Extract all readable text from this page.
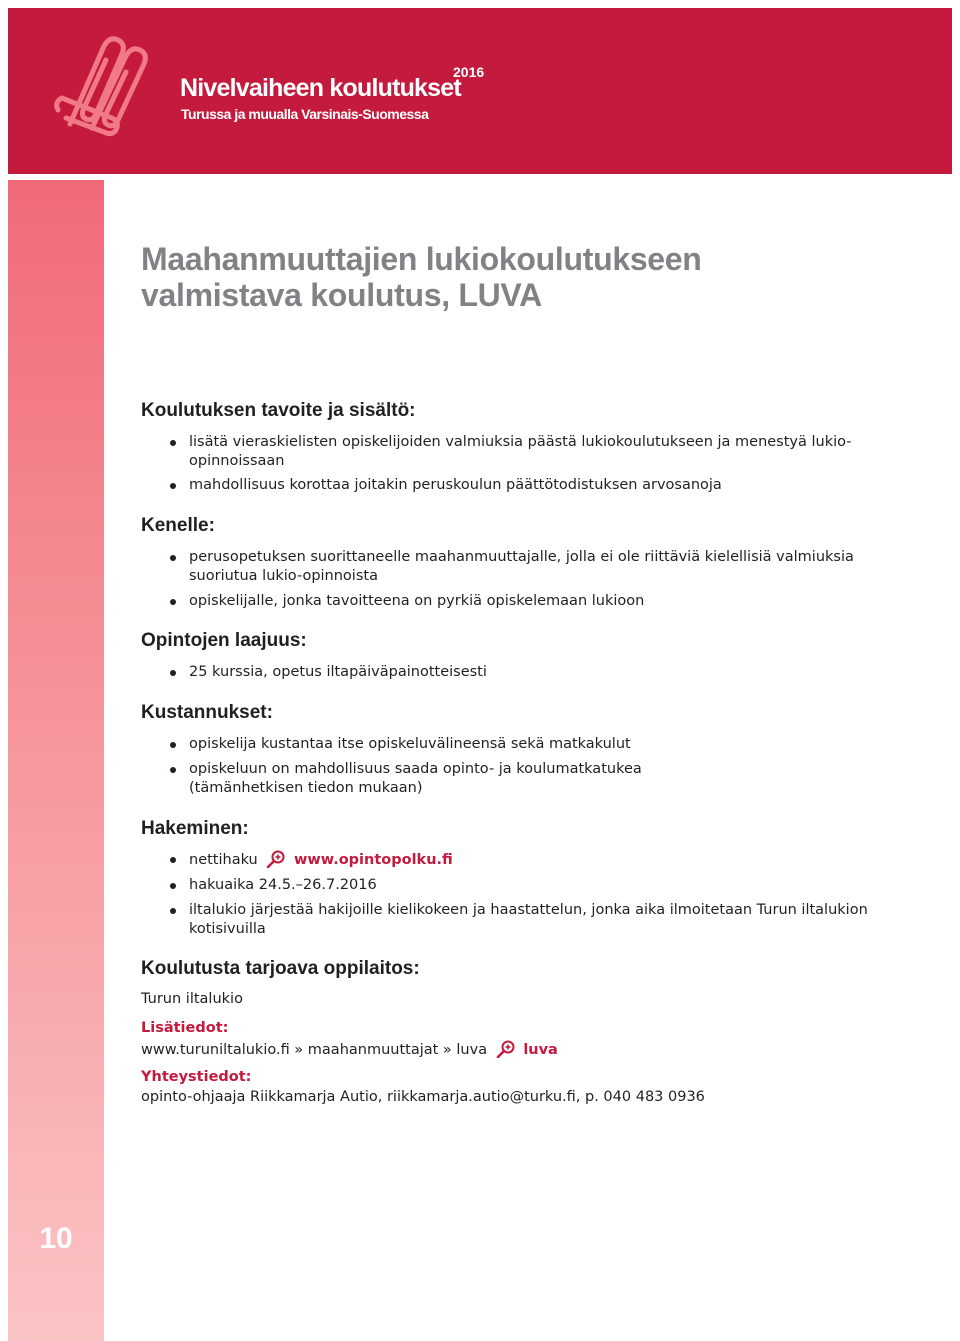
2016
Nivelvaiheen koulutukset
Turussa ja muualla Varsinais-Suomessa
10
Maahanmuuttajien lukiokoulutukseen
valmistava koulutus, LUVA
Koulutuksen tavoite ja sisältö:
lisätä vieraskielisten opiskelijoiden valmiuksia päästä lukiokoulutukseen ja menestyä lukio-opinnoissaan
mahdollisuus korottaa joitakin peruskoulun päättötodistuksen arvosanoja
Kenelle:
perusopetuksen suorittaneelle maahanmuuttajalle, jolla ei ole riittäviä kielellisiä valmiuksia suoriutua lukio-opinnoista
opiskelijalle, jonka tavoitteena on pyrkiä opiskelemaan lukioon
Opintojen laajuus:
25 kurssia, opetus iltapäiväpainotteisesti
Kustannukset:
opiskelija kustantaa itse opiskeluvälineensä sekä matkakulut
opiskeluun on mahdollisuus saada opinto- ja koulumatkatukea (tämänhetkisen tiedon mukaan)
Hakeminen:
nettihaku www.opintopolku.fi
hakuaika 24.5.–26.7.2016
iltalukio järjestää hakijoille kielikokeen ja haastattelun, jonka aika ilmoitetaan Turun iltalukion kotisivuilla
Koulutusta tarjoava oppilaitos:
Turun iltalukio
Lisätiedot:
www.turuniltalukio.fi » maahanmuuttajat » luva luva
Yhteystiedot:
opinto-ohjaaja Riikkamarja Autio, riikkamarja.autio@turku.fi, p. 040 483 0936
